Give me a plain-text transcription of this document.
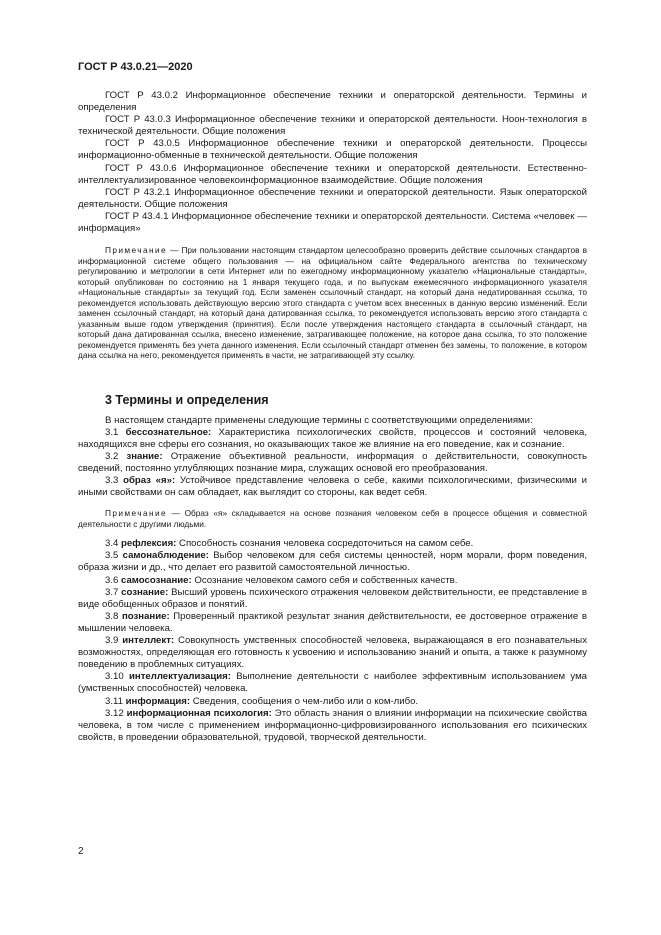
ГОСТ Р 43.0.21—2020

ГОСТ Р 43.0.2 Информационное обеспечение техники и операторской деятельности. Термины и определения

ГОСТ Р 43.0.3 Информационное обеспечение техники и операторской деятельности. Ноон-технология в технической деятельности. Общие положения

ГОСТ Р 43.0.5 Информационное обеспечение техники и операторской деятельности. Процессы информационно-обменные в технической деятельности. Общие положения

ГОСТ Р 43.0.6 Информационное обеспечение техники и операторской деятельности. Естественно-интеллектуализированное человекоинформационное взаимодействие. Общие положения

ГОСТ Р 43.2.1 Информационное обеспечение техники и операторской деятельности. Язык операторской деятельности. Общие положения

ГОСТ Р 43.4.1 Информационное обеспечение техники и операторской деятельности. Система «человек — информация»

Примечание — При пользовании настоящим стандартом целесообразно проверить действие ссылочных стандартов в информационной системе общего пользования — на официальном сайте Федерального агентства по техническому регулированию и метрологии в сети Интернет или по ежегодному информационному указателю «Национальные стандарты», который опубликован по состоянию на 1 января текущего года, и по выпускам ежемесячного информационного указателя «Национальные стандарты» за текущий год. Если заменен ссылочный стандарт, на который дана недатированная ссылка, то рекомендуется использовать действующую версию этого стандарта с учетом всех внесенных в данную версию изменений. Если заменен ссылочный стандарт, на который дана датированная ссылка, то рекомендуется использовать версию этого стандарта с указанным выше годом утверждения (принятия). Если после утверждения настоящего стандарта в ссылочный стандарт, на который дана датированная ссылка, внесено изменение, затрагивающее положение, на которое дана ссылка, то это положение рекомендуется применять без учета данного изменения. Если ссылочный стандарт отменен без замены, то положение, в котором дана ссылка на него, рекомендуется применять в части, не затрагивающей эту ссылку.

3 Термины и определения

В настоящем стандарте применены следующие термины с соответствующими определениями:

3.1 бессознательное: Характеристика психологических свойств, процессов и состояний человека, находящихся вне сферы его сознания, но оказывающих такое же влияние на его поведение, как и сознание.

3.2 знание: Отражение объективной реальности, информация о действительности, совокупность сведений, постоянно углубляющих познание мира, служащих основой его преобразования.

3.3 образ «я»: Устойчивое представление человека о себе, какими психологическими, физическими и иными свойствами он сам обладает, как выглядит со стороны, как ведет себя.

Примечание — Образ «я» складывается на основе познания человеком себя в процессе общения и совместной деятельности с другими людьми.

3.4 рефлексия: Способность сознания человека сосредоточиться на самом себе.

3.5 самонаблюдение: Выбор человеком для себя системы ценностей, норм морали, форм поведения, образа жизни и др., что делает его развитой самостоятельной личностью.

3.6 самосознание: Осознание человеком самого себя и собственных качеств.

3.7 сознание: Высший уровень психического отражения человеком действительности, ее представление в виде обобщенных образов и понятий.

3.8 познание: Проверенный практикой результат знания действительности, ее достоверное отражение в мышлении человека.

3.9 интеллект: Совокупность умственных способностей человека, выражающаяся в его познавательных возможностях, определяющая его готовность к усвоению и использованию знаний и опыта, а также к разумному поведению в проблемных ситуациях.

3.10 интеллектуализация: Выполнение деятельности с наиболее эффективным использованием ума (умственных способностей) человека.

3.11 информация: Сведения, сообщения о чем-либо или о ком-либо.

3.12 информационная психология: Это область знания о влиянии информации на психические свойства человека, в том числе с применением информационно-цифровизированного использования его психических свойств, в проведении образовательной, трудовой, творческой деятельности.

2
